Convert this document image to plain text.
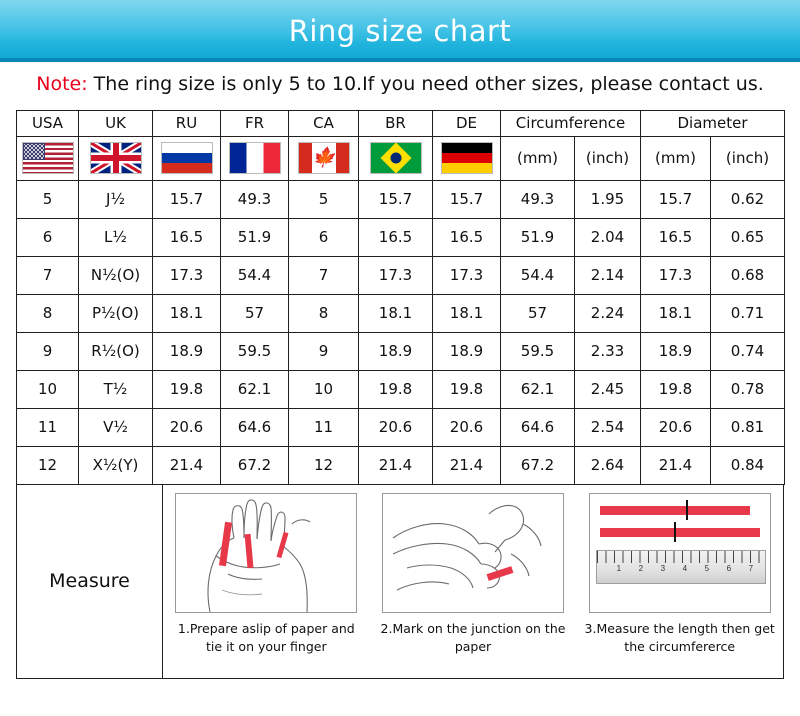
Ring size chart
Note: The ring size is only 5 to 10.If you need other sizes, please contact us.
USA	UK	RU	FR	CA	BR	DE	Circumference		Diameter	

				🍁			(mm)	(inch)	(mm)	(inch)
5	J½	15.7	49.3	5	15.7	15.7	49.3	1.95	15.7	0.62
6	L½	16.5	51.9	6	16.5	16.5	51.9	2.04	16.5	0.65
7	N½(O)	17.3	54.4	7	17.3	17.3	54.4	2.14	17.3	0.68
8	P½(O)	18.1	57	8	18.1	18.1	57	2.24	18.1	0.71
9	R½(O)	18.9	59.5	9	18.9	18.9	59.5	2.33	18.9	0.74
10	T½	19.8	62.1	10	19.8	19.8	62.1	2.45	19.8	0.78
11	V½	20.6	64.6	11	20.6	20.6	64.6	2.54	20.6	0.81
12	X½(Y)	21.4	67.2	12	21.4	21.4	67.2	2.64	21.4	0.84
Measure
1.Prepare aslip of paper and tie it on your finger
2.Mark on the junction on the paper
1 2 3 4 5 6 7
3.Measure the length then get the circumfererce
